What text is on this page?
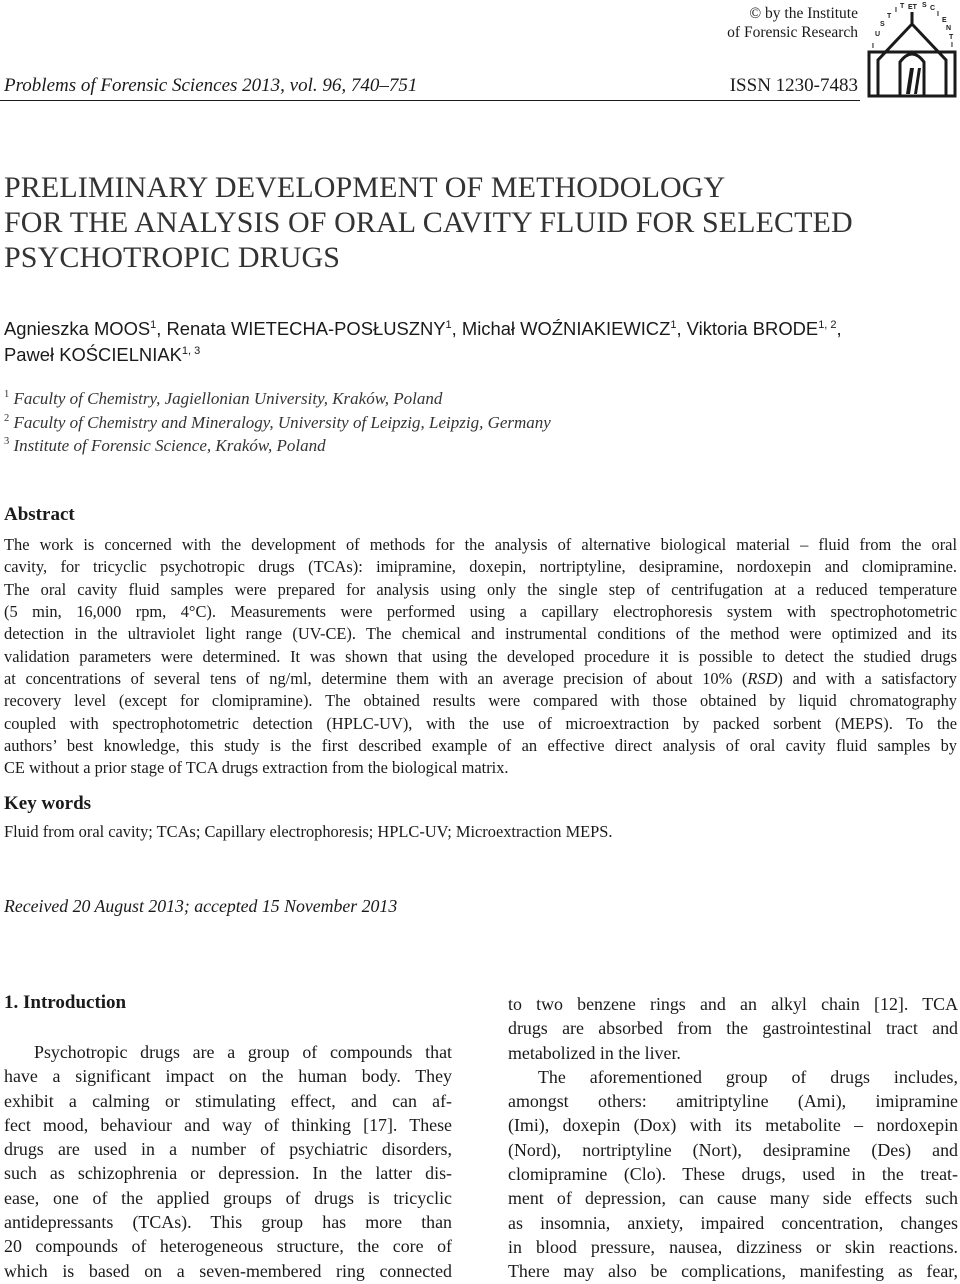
© by the Institute
of Forensic Research
I
U
S
T
I
T ET S C
I
E
N
T
I
Problems of Forensic Sciences 2013, vol. 96, 740–751	ISSN 1230-7483
PRELIMINARY DEVELOPMENT OF METHODOLOGY
FOR THE ANALYSIS OF ORAL CAVITY FLUID FOR SELECTED
PSYCHOTROPIC DRUGS
Agnieszka MOOS$^1$, Renata WIETECHA-POSŁUSZNY$^1$, Michał WOŹNIAKIEWICZ$^1$, Viktoria BRODE$^{1, 2}$,
Paweł KOŚCIELNIAK$^{1, 3}$
$^1$ Faculty of Chemistry, Jagiellonian University, Kraków, Poland
$^2$ Faculty of Chemistry and Mineralogy, University of Leipzig, Leipzig, Germany
$^3$ Institute of Forensic Science, Kraków, Poland
Abstract
The work is concerned with the development of methods for the analysis of alternative biological material – fluid from the oral
cavity, for tricyclic psychotropic drugs (TCAs): imipramine, doxepin, nortriptyline, desipramine, nordoxepin and clomipramine.
The oral cavity fluid samples were prepared for analysis using only the single step of centrifugation at a reduced temperature
(5 min, 16,000 rpm, 4°C). Measurements were performed using a capillary electrophoresis system with spectrophotometric
detection in the ultraviolet light range (UV-CE). The chemical and instrumental conditions of the method were optimized and its
validation parameters were determined. It was shown that using the developed procedure it is possible to detect the studied drugs
at concentrations of several tens of ng/ml, determine them with an average precision of about 10% (RSD) and with a satisfactory
recovery level (except for clomipramine). The obtained results were compared with those obtained by liquid chromatography
coupled with spectrophotometric detection (HPLC-UV), with the use of microextraction by packed sorbent (MEPS). To the
authors’ best knowledge, this study is the first described example of an effective direct analysis of oral cavity fluid samples by
CE without a prior stage of TCA drugs extraction from the biological matrix.
Key words
Fluid from oral cavity; TCAs; Capillary electrophoresis; HPLC-UV; Microextraction MEPS.
Received 20 August 2013; accepted 15 November 2013
1. Introduction
Psychotropic drugs are a group of compounds that
have a significant impact on the human body. They
exhibit a calming or stimulating effect, and can af-
fect mood, behaviour and way of thinking [17]. These
drugs are used in a number of psychiatric disorders,
such as schizophrenia or depression. In the latter dis-
ease, one of the applied groups of drugs is tricyclic
antidepressants (TCAs). This group has more than
20 compounds of heterogeneous structure, the core of
which is based on a seven-membered ring connected
to two benzene rings and an alkyl chain [12]. TCA
drugs are absorbed from the gastrointestinal tract and
metabolized in the liver.
The aforementioned group of drugs includes,
amongst others: amitriptyline (Ami), imipramine
(Imi), doxepin (Dox) with its metabolite – nordoxepin
(Nord), nortriptyline (Nort), desipramine (Des) and
clomipramine (Clo). These drugs, used in the treat-
ment of depression, can cause many side effects such
as insomnia, anxiety, impaired concentration, changes
in blood pressure, nausea, dizziness or skin reactions.
There may also be complications, manifesting as fear,
